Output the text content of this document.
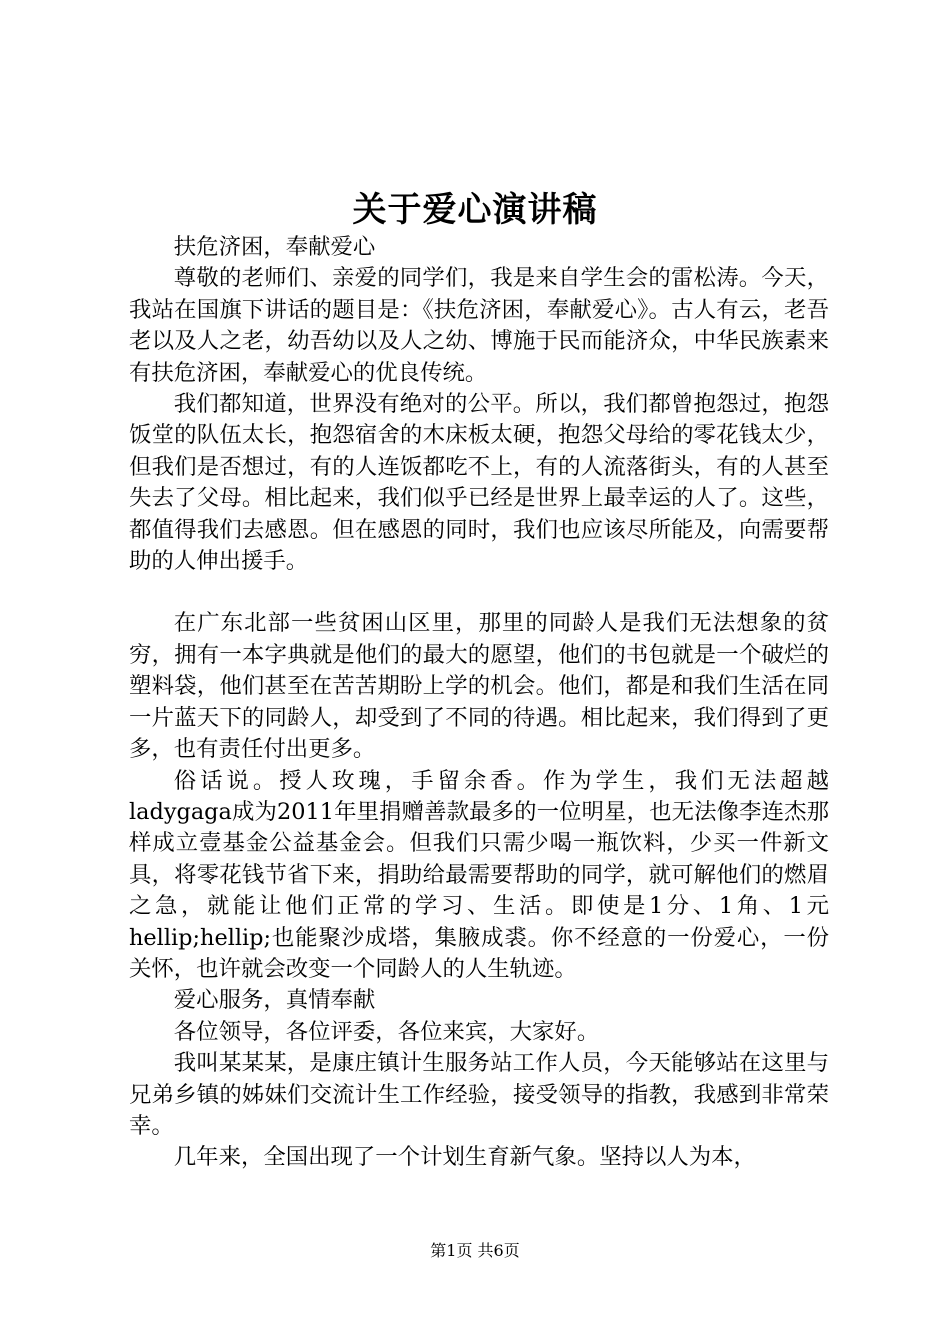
关于爱心演讲稿

扶危济困，奉献爱心

尊敬的老师们、亲爱的同学们，我是来自学生会的雷松涛。今天，我站在国旗下讲话的题目是：《扶危济困，奉献爱心》。古人有云，老吾老以及人之老，幼吾幼以及人之幼、博施于民而能济众，中华民族素来有扶危济困，奉献爱心的优良传统。

我们都知道，世界没有绝对的公平。所以，我们都曾抱怨过，抱怨饭堂的队伍太长，抱怨宿舍的木床板太硬，抱怨父母给的零花钱太少，但我们是否想过，有的人连饭都吃不上，有的人流落街头，有的人甚至失去了父母。相比起来，我们似乎已经是世界上最幸运的人了。这些，都值得我们去感恩。但在感恩的同时，我们也应该尽所能及，向需要帮助的人伸出援手。

在广东北部一些贫困山区里，那里的同龄人是我们无法想象的贫穷，拥有一本字典就是他们的最大的愿望，他们的书包就是一个破烂的塑料袋，他们甚至在苦苦期盼上学的机会。他们，都是和我们生活在同一片蓝天下的同龄人，却受到了不同的待遇。相比起来，我们得到了更多，也有责任付出更多。

俗话说。授人玫瑰，手留余香。作为学生，我们无法超越ladygaga成为2011年里捐赠善款最多的一位明星，也无法像李连杰那样成立壹基金公益基金会。但我们只需少喝一瓶饮料，少买一件新文具，将零花钱节省下来，捐助给最需要帮助的同学，就可解他们的燃眉之急，就能让他们正常的学习、生活。即使是1分、1角、1元hellip;hellip;也能聚沙成塔，集腋成裘。你不经意的一份爱心，一份关怀，也许就会改变一个同龄人的人生轨迹。

爱心服务，真情奉献

各位领导，各位评委，各位来宾，大家好。

我叫某某某，是康庄镇计生服务站工作人员，今天能够站在这里与兄弟乡镇的姊妹们交流计生工作经验，接受领导的指教，我感到非常荣幸。

几年来，全国出现了一个计划生育新气象。坚持以人为本，

第1页 共6页
